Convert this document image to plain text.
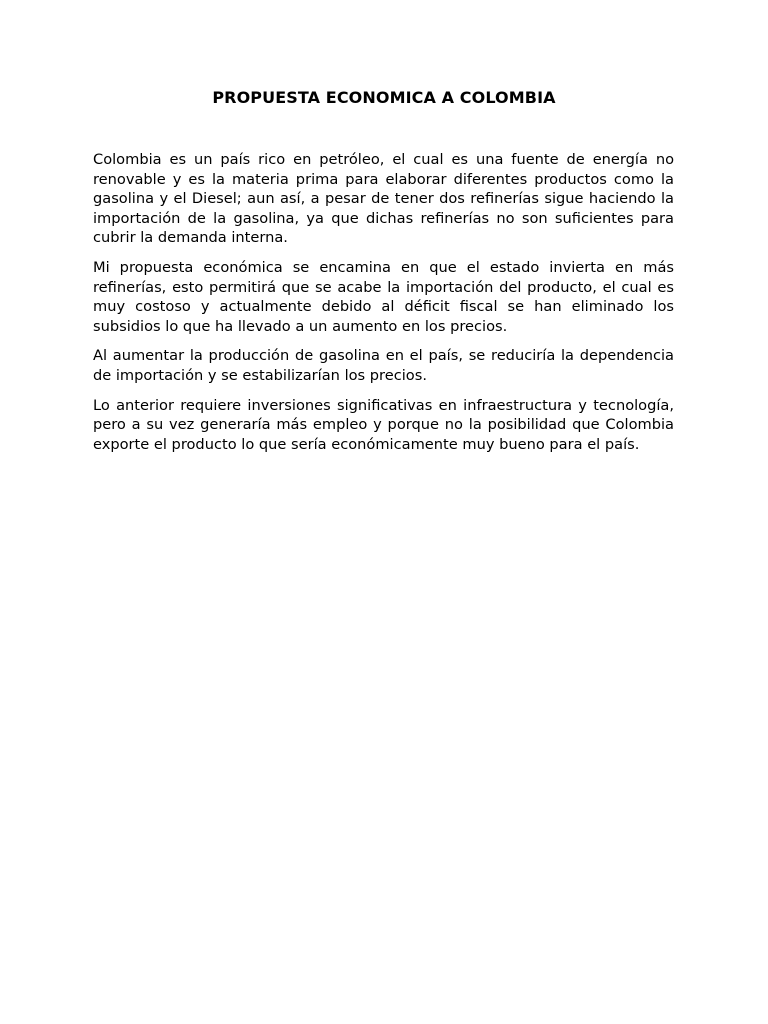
PROPUESTA ECONOMICA A COLOMBIA

Colombia es un país rico en petróleo, el cual es una fuente de energía no renovable y es la materia prima para elaborar diferentes productos como la gasolina y el Diesel; aun así, a pesar de tener dos refinerías sigue haciendo la importación de la gasolina, ya que dichas refinerías no son suficientes para cubrir la demanda interna.

Mi propuesta económica se encamina en que el estado invierta en más refinerías, esto permitirá que se acabe la importación del producto, el cual es muy costoso y actualmente debido al déficit fiscal se han eliminado los subsidios lo que ha llevado a un aumento en los precios.

Al aumentar la producción de gasolina en el país, se reduciría la dependencia de importación y se estabilizarían los precios.

Lo anterior requiere inversiones significativas en infraestructura y tecnología, pero a su vez generaría más empleo y porque no la posibilidad que Colombia exporte el producto lo que sería económicamente muy bueno para el país.
